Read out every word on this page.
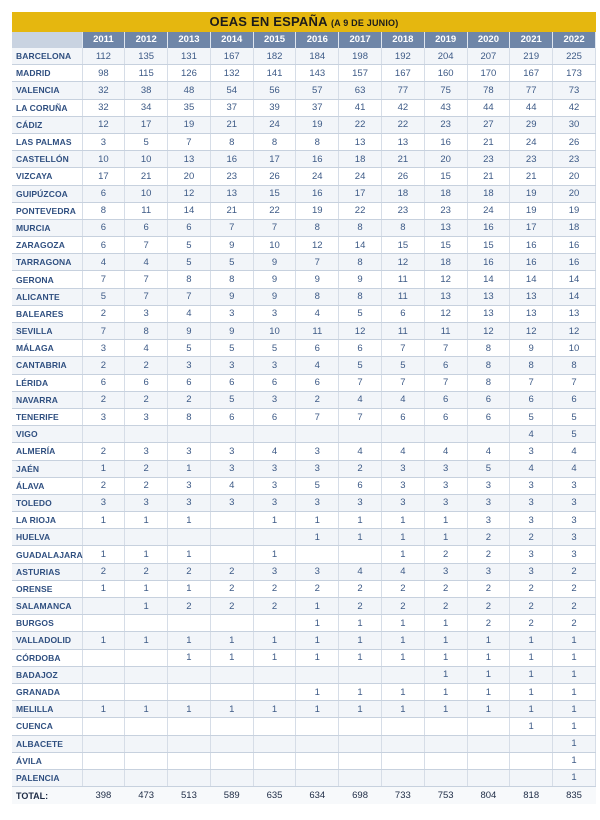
OEAS EN ESPAÑA (A 9 DE JUNIO)
	2011	2012	2013	2014	2015	2016	2017	2018	2019	2020	2021	2022
BARCELONA	112	135	131	167	182	184	198	192	204	207	219	225
MADRID	98	115	126	132	141	143	157	167	160	170	167	173
VALENCIA	32	38	48	54	56	57	63	77	75	78	77	73
LA CORUÑA	32	34	35	37	39	37	41	42	43	44	44	42
CÁDIZ	12	17	19	21	24	19	22	22	23	27	29	30
LAS PALMAS	3	5	7	8	8	8	13	13	16	21	24	26
CASTELLÓN	10	10	13	16	17	16	18	21	20	23	23	23
VIZCAYA	17	21	20	23	26	24	24	26	15	21	21	20
GUIPÚZCOA	6	10	12	13	15	16	17	18	18	18	19	20
PONTEVEDRA	8	11	14	21	22	19	22	23	23	24	19	19
MURCIA	6	6	6	7	7	8	8	8	13	16	17	18
ZARAGOZA	6	7	5	9	10	12	14	15	15	15	16	16
TARRAGONA	4	4	5	5	9	7	8	12	18	16	16	16
GERONA	7	7	8	8	9	9	9	11	12	14	14	14
ALICANTE	5	7	7	9	9	8	8	11	13	13	13	14
BALEARES	2	3	4	3	3	4	5	6	12	13	13	13
SEVILLA	7	8	9	9	10	11	12	11	11	12	12	12
MÁLAGA	3	4	5	5	5	6	6	7	7	8	9	10
CANTABRIA	2	2	3	3	3	4	5	5	6	8	8	8
LÉRIDA	6	6	6	6	6	6	7	7	7	8	7	7
NAVARRA	2	2	2	5	3	2	4	4	6	6	6	6
TENERIFE	3	3	8	6	6	7	7	6	6	6	5	5
VIGO											4	5
ALMERÍA	2	3	3	3	4	3	4	4	4	4	3	4
JAÉN	1	2	1	3	3	3	2	3	3	5	4	4
ÁLAVA	2	2	3	4	3	5	6	3	3	3	3	3
TOLEDO	3	3	3	3	3	3	3	3	3	3	3	3
LA RIOJA	1	1	1		1	1	1	1	1	3	3	3
HUELVA						1	1	1	1	2	2	3
GUADALAJARA	1	1	1		1			1	2	2	3	3
ASTURIAS	2	2	2	2	3	3	4	4	3	3	3	2
ORENSE	1	1	1	2	2	2	2	2	2	2	2	2
SALAMANCA		1	2	2	2	1	2	2	2	2	2	2
BURGOS						1	1	1	1	2	2	2
VALLADOLID	1	1	1	1	1	1	1	1	1	1	1	1
CÓRDOBA			1	1	1	1	1	1	1	1	1	1
BADAJOZ									1	1	1	1
GRANADA						1	1	1	1	1	1	1
MELILLA	1	1	1	1	1	1	1	1	1	1	1	1
CUENCA											1	1
ALBACETE												1
ÁVILA												1
PALENCIA												1
TOTAL:	398	473	513	589	635	634	698	733	753	804	818	835
